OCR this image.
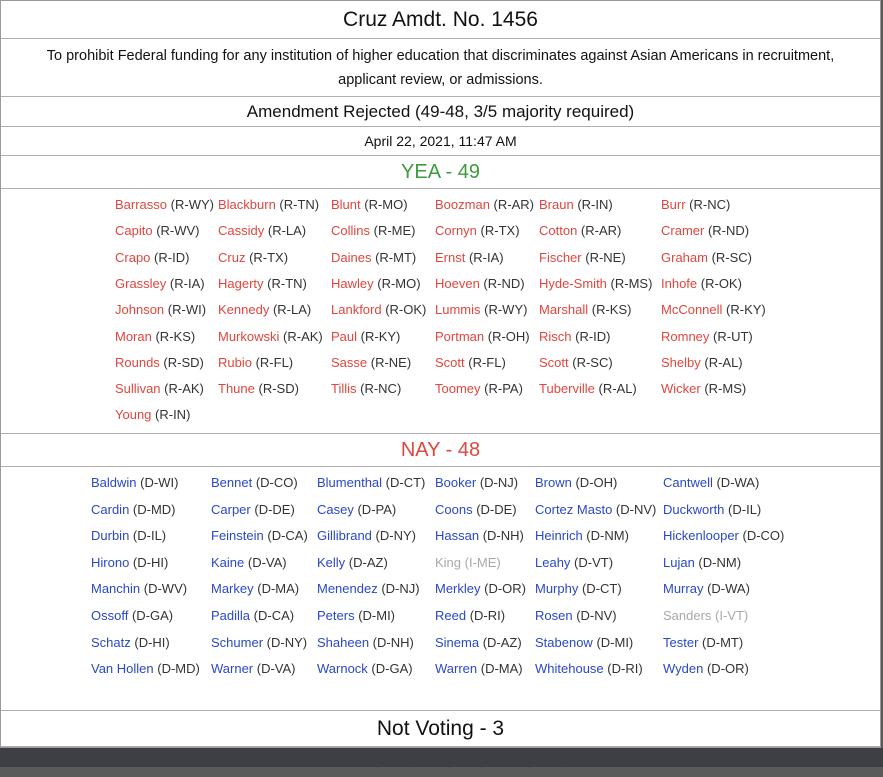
Cruz Amdt. No. 1456
To prohibit Federal funding for any institution of higher education that discriminates against Asian Americans in recruitment, applicant review, or admissions.
Amendment Rejected (49-48, 3/5 majority required)
April 22, 2021, 11:47 AM
YEA - 49
Barrasso (R-WY) Blackburn (R-TN) Blunt (R-MO) Boozman (R-AR) Braun (R-IN)	Burr (R-NC)
Capito (R-WV) Cassidy (R-LA) Collins (R-ME) Cornyn (R-TX) Cotton (R-AR)	Cramer (R-ND)
Crapo (R-ID) Cruz (R-TX)	Daines (R-MT) Ernst (R-IA)	Fischer (R-NE)	Graham (R-SC)
Grassley (R-IA) Hagerty (R-TN) Hawley (R-MO) Hoeven (R-ND) Hyde-Smith (R-MS) Inhofe (R-OK)
Johnson (R-WI) Kennedy (R-LA) Lankford (R-OK) Lummis (R-WY) Marshall (R-KS) McConnell (R-KY)
Moran (R-KS) Murkowski (R-AK) Paul (R-KY)	Portman (R-OH) Risch (R-ID)	Romney (R-UT)
Rounds (R-SD) Rubio (R-FL)	Sasse (R-NE) Scott (R-FL)	Scott (R-SC)	Shelby (R-AL)
Sullivan (R-AK) Thune (R-SD) Tillis (R-NC)	Toomey (R-PA) Tuberville (R-AL) Wicker (R-MS)
Young (R-IN)
NAY - 48
Baldwin (D-WI)	Bennet (D-CO) Blumenthal (D-CT) Booker (D-NJ) Brown (D-OH)	Cantwell (D-WA)
Cardin (D-MD)	Carper (D-DE) Casey (D-PA)	Coons (D-DE) Cortez Masto (D-NV) Duckworth (D-IL)
Durbin (D-IL)	Feinstein (D-CA) Gillibrand (D-NY) Hassan (D-NH) Heinrich (D-NM)	Hickenlooper (D-CO)
Hirono (D-HI)	Kaine (D-VA) Kelly (D-AZ)	King (I-ME)	Leahy (D-VT)	Lujan (D-NM)
Manchin (D-WV) Markey (D-MA) Menendez (D-NJ) Merkley (D-OR) Murphy (D-CT)	Murray (D-WA)
Ossoff (D-GA)	Padilla (D-CA) Peters (D-MI)	Reed (D-RI) Rosen (D-NV)	Sanders (I-VT)
Schatz (D-HI)	Schumer (D-NY) Shaheen (D-NH) Sinema (D-AZ) Stabenow (D-MI) Tester (D-MT)
Van Hollen (D-MD) Warner (D-VA) Warnock (D-GA) Warren (D-MA) Whitehouse (D-RI) Wyden (D-OR)
Not Voting - 3
